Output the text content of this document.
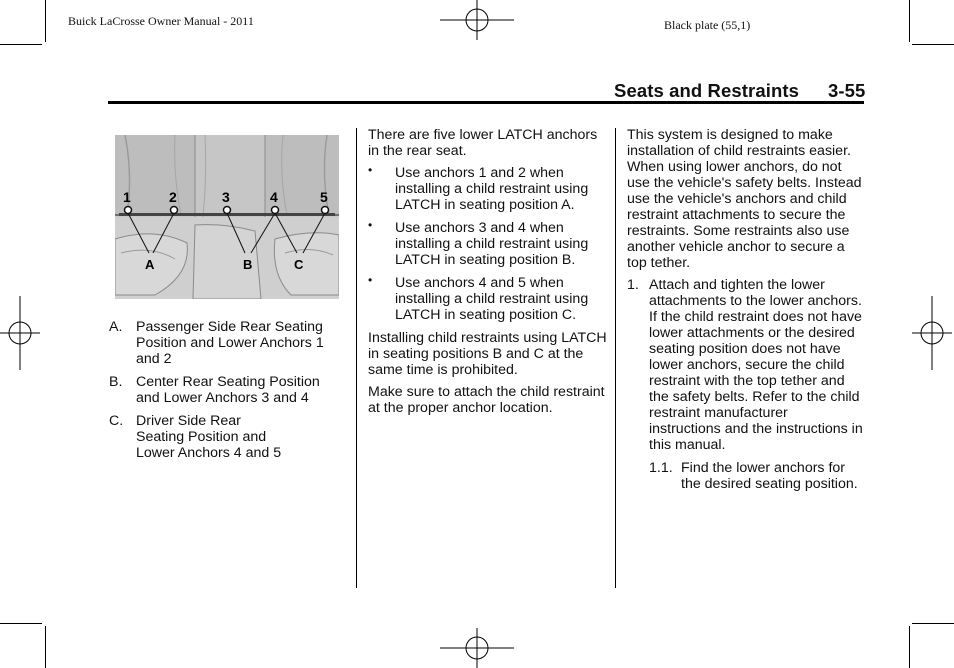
Buick LaCrosse Owner Manual - 2011	Black plate (55,1)
Seats and Restraints 3-55
1	2	3	4	5
A	B	C
A. Passenger Side Rear Seating Position and Lower Anchors 1 and 2
B. Center Rear Seating Position and Lower Anchors 3 and 4
C. Driver Side Rear Seating Position and Lower Anchors 4 and 5

There are five lower LATCH anchors in the rear seat.

• Use anchors 1 and 2 when installing a child restraint using LATCH in seating position A.
• Use anchors 3 and 4 when installing a child restraint using LATCH in seating position B.
• Use anchors 4 and 5 when installing a child restraint using LATCH in seating position C.

Installing child restraints using LATCH in seating positions B and C at the same time is prohibited.

Make sure to attach the child restraint at the proper anchor location.

This system is designed to make installation of child restraints easier. When using lower anchors, do not use the vehicle's safety belts. Instead use the vehicle's anchors and child restraint attachments to secure the restraints. Some restraints also use another vehicle anchor to secure a top tether.

1. Attach and tighten the lower attachments to the lower anchors. If the child restraint does not have lower attachments or the desired seating position does not have lower anchors, secure the child restraint with the top tether and the safety belts. Refer to the child restraint manufacturer instructions and the instructions in this manual.
1.1. Find the lower anchors for the desired seating position.
